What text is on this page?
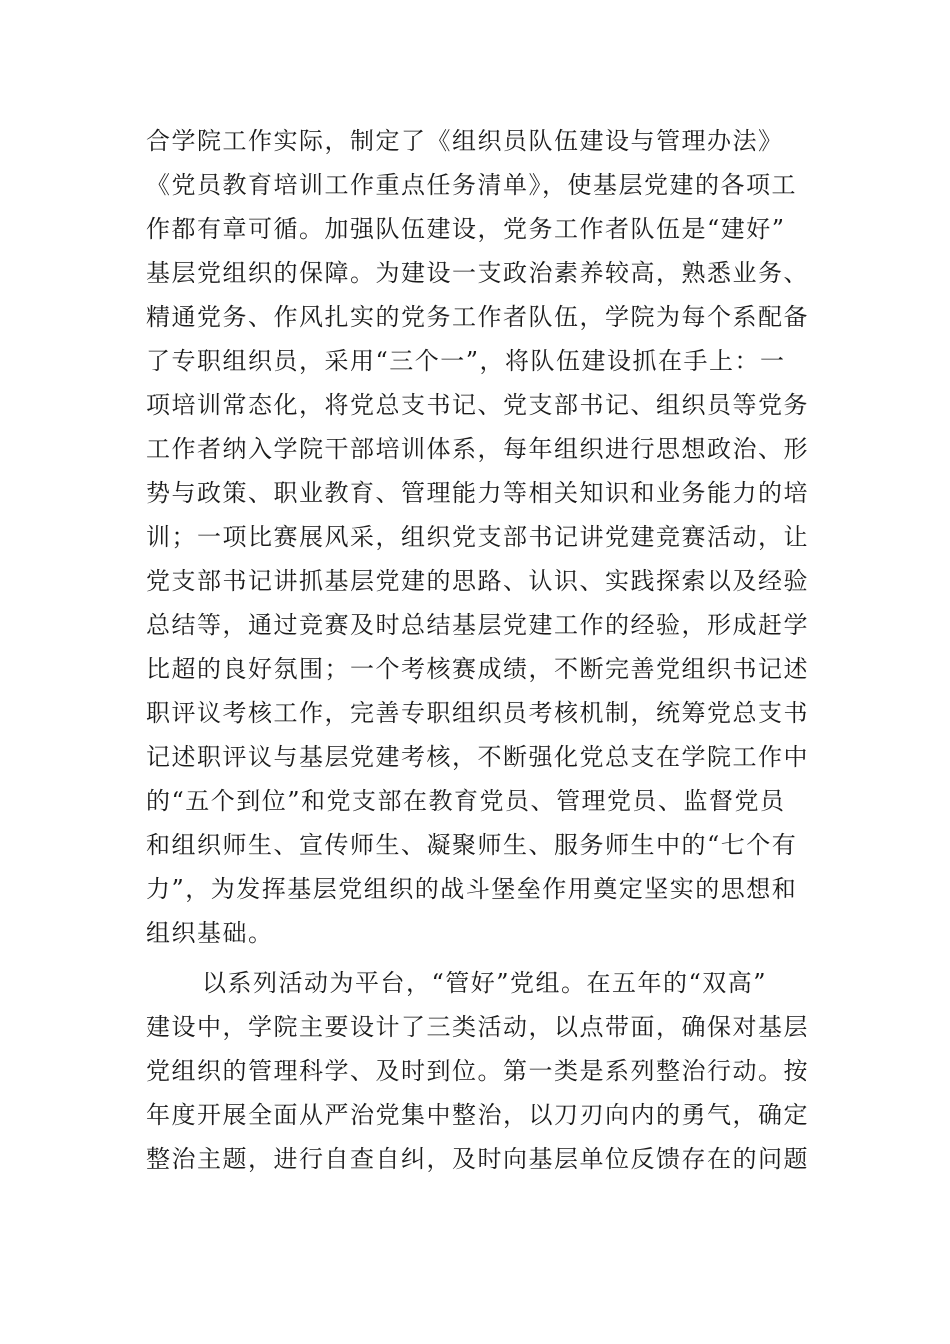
合学院工作实际，制定了《组织员队伍建设与管理办法》
《党员教育培训工作重点任务清单》，使基层党建的各项工
作都有章可循。加强队伍建设，党务工作者队伍是“建好”
基层党组织的保障。为建设一支政治素养较高，熟悉业务、
精通党务、作风扎实的党务工作者队伍，学院为每个系配备
了专职组织员，采用“三个一”，将队伍建设抓在手上：一
项培训常态化，将党总支书记、党支部书记、组织员等党务
工作者纳入学院干部培训体系，每年组织进行思想政治、形
势与政策、职业教育、管理能力等相关知识和业务能力的培
训；一项比赛展风采，组织党支部书记讲党建竞赛活动，让
党支部书记讲抓基层党建的思路、认识、实践探索以及经验
总结等，通过竞赛及时总结基层党建工作的经验，形成赶学
比超的良好氛围；一个考核赛成绩，不断完善党组织书记述
职评议考核工作，完善专职组织员考核机制，统筹党总支书
记述职评议与基层党建考核，不断强化党总支在学院工作中
的“五个到位”和党支部在教育党员、管理党员、监督党员
和组织师生、宣传师生、凝聚师生、服务师生中的“七个有
力”，为发挥基层党组织的战斗堡垒作用奠定坚实的思想和
组织基础。
以系列活动为平台，“管好”党组。在五年的“双高”
建设中，学院主要设计了三类活动，以点带面，确保对基层
党组织的管理科学、及时到位。第一类是系列整治行动。按
年度开展全面从严治党集中整治，以刀刃向内的勇气，确定
整治主题，进行自查自纠，及时向基层单位反馈存在的问题
